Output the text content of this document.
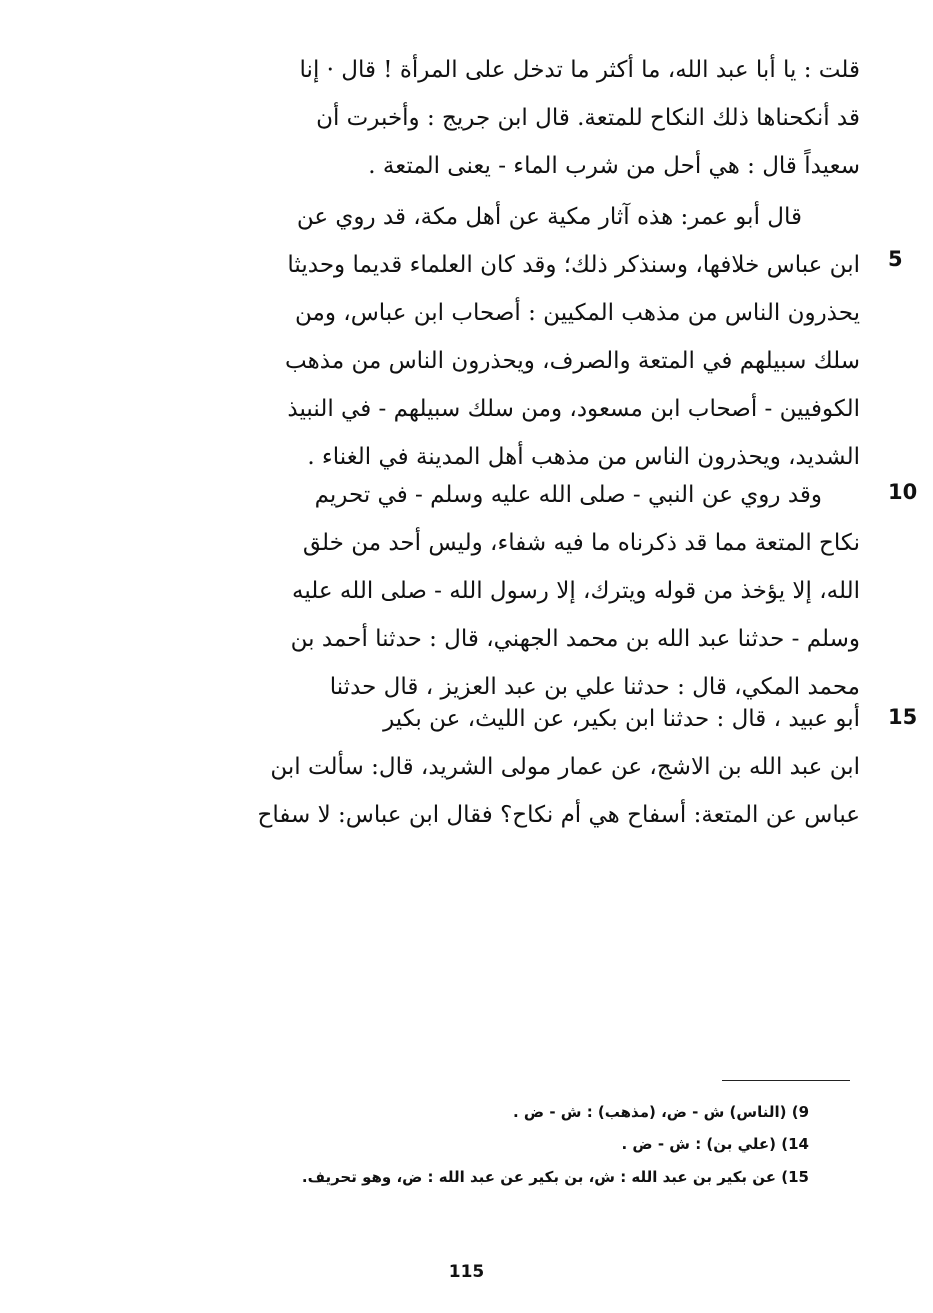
قلت : يا أبا عبد الله، ما أكثر ما تدخل على المرأة ! قال · إنا
قد أنكحناها ذلك النكاح للمتعة. قال ابن جريج : وأخبرت أن
سعيداً قال : هي أحل من شرب الماء - يعنى المتعة .
قال أبو عمر: هذه آثار مكية عن أهل مكة، قد روي عن
ابن عباس خلافها، وسنذكر ذلك؛ وقد كان العلماء قديما وحديثا
يحذرون الناس من مذهب المكيين : أصحاب ابن عباس، ومن
سلك سبيلهم في المتعة والصرف، ويحذرون الناس من مذهب
الكوفيين - أصحاب ابن مسعود، ومن سلك سبيلهم - في النبيذ
الشديد، ويحذرون الناس من مذهب أهل المدينة في الغناء .
وقد روي عن النبي - صلى الله عليه وسلم - في تحريم
نكاح المتعة مما قد ذكرناه ما فيه شفاء، وليس أحد من خلق
الله، إلا يؤخذ من قوله ويترك، إلا رسول الله - صلى الله عليه
وسلم - حدثنا عبد الله بن محمد الجهني، قال : حدثنا أحمد بن
محمد المكي، قال : حدثنا علي بن عبد العزيز ، قال حدثنا
أبو عبيد ، قال : حدثنا ابن بكير، عن الليث، عن بكير
ابن عبد الله بن الاشج، عن عمار مولى الشريد، قال: سألت ابن
عباس عن المتعة: أسفاح هي أم نكاح؟ فقال ابن عباس: لا سفاح
5
10
15
9) (الناس) ش - ض، (مذهب) : ش - ض .
14) (علي بن) : ش - ض .
15) عن بكير بن عبد الله : ش، بن بكير عن عبد الله : ض، وهو تحريف.
115
